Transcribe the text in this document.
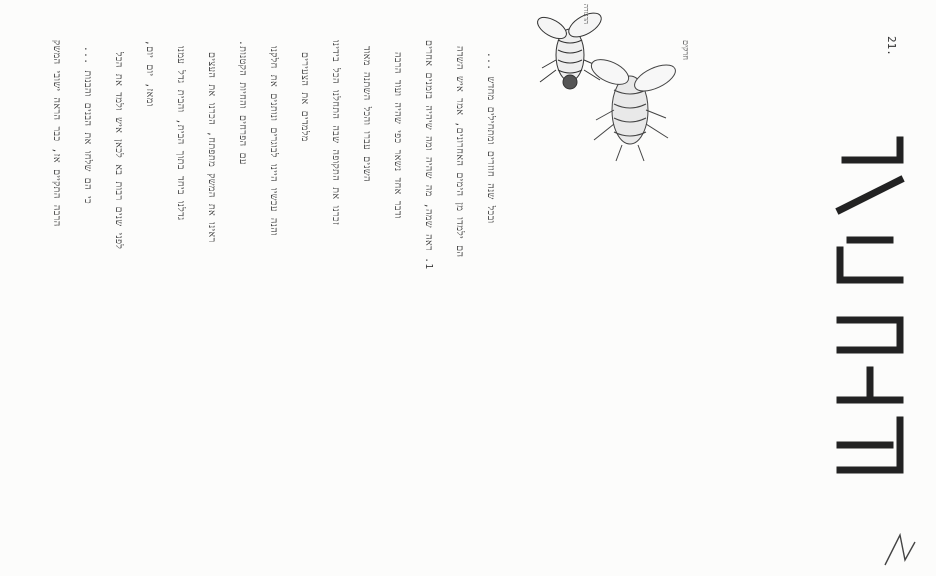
הדבורה
חרקים	21.
הרבה התקיים אז, כבר הראה ישובי המשק כי הם שלחו את הבנים והבנות ... לפני שנים רבות בא לכאן איש ולמד את הכל ומאז, יום יום, גדלנו ביחד בתוך הבית, והבית גדל עמנו ראינו את המשק מתפתח, הכרנו את העצים עם הפרחים והחיות הקטנות. והנה עכשיו היינו לבוגרים ונותנים את חלקנו מלמדים את הצעירים זכרנו את התקופה שבה התחלנו הכל בידינו השנים עברו והכל השתנה מאוד ודבר אחד נשאר כפי שהיה ועוד הרבה 1. ראה שמה, מה שהיה ומה שיהיה בזמנים אחרים הם ילמדו מן הימים האחרונים, אמר איש השדה ובכל שנה חוזרים ומתחילים מחדש ...
